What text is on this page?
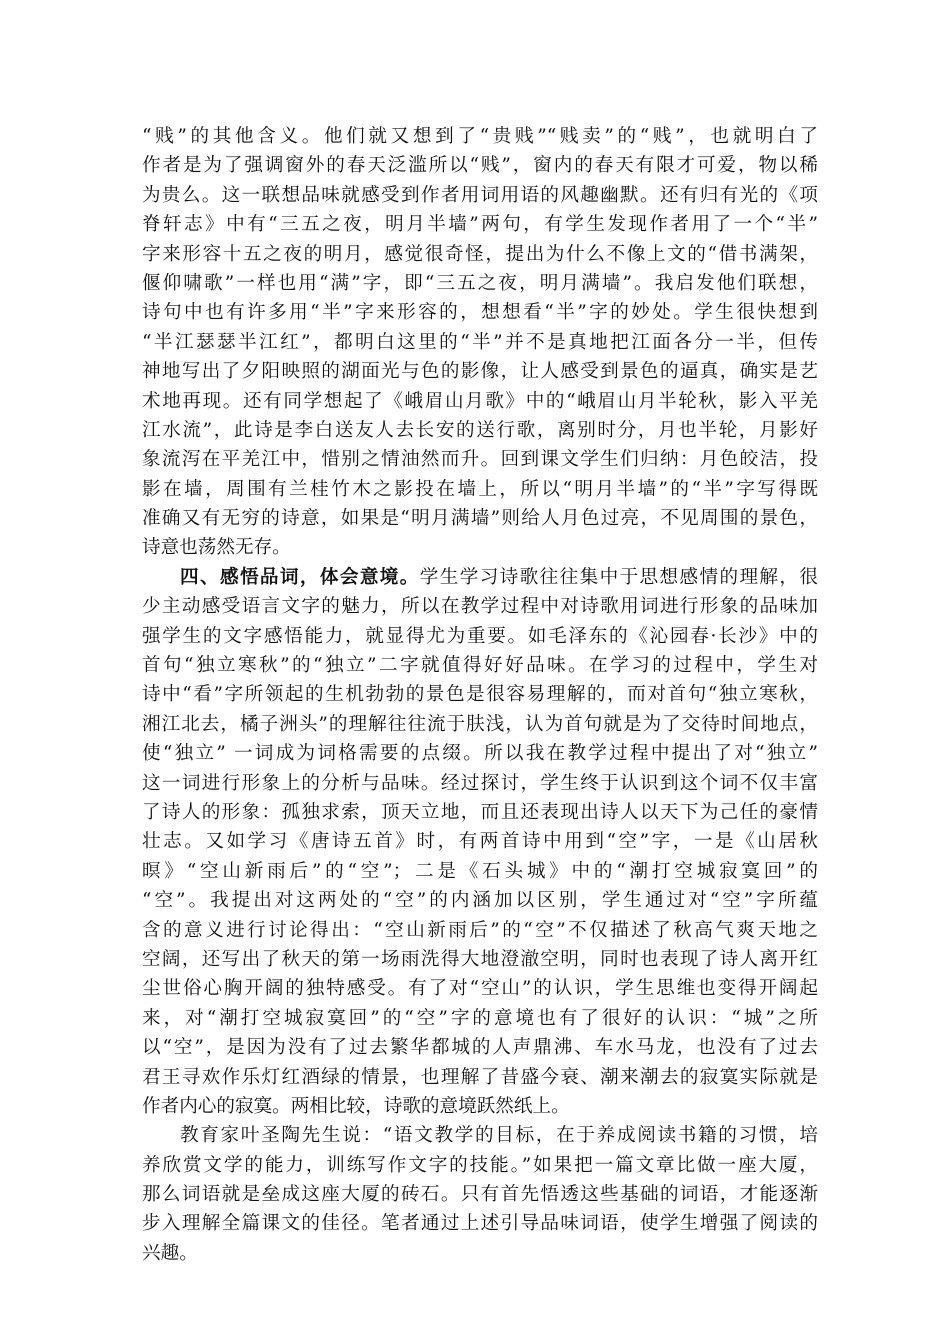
“贱”的其他含义。他们就又想到了“贵贱”“贱卖”的“贱”，也就明白了
作者是为了强调窗外的春天泛滥所以“贱”，窗内的春天有限才可爱，物以稀
为贵么。这一联想品味就感受到作者用词用语的风趣幽默。还有归有光的《项
脊轩志》中有“三五之夜，明月半墙”两句，有学生发现作者用了一个“半”
字来形容十五之夜的明月，感觉很奇怪，提出为什么不像上文的“借书满架，
偃仰啸歌”一样也用“满”字，即“三五之夜，明月满墙”。我启发他们联想，
诗句中也有许多用“半”字来形容的，想想看“半”字的妙处。学生很快想到
“半江瑟瑟半江红”，都明白这里的“半”并不是真地把江面各分一半，但传
神地写出了夕阳映照的湖面光与色的影像，让人感受到景色的逼真，确实是艺
术地再现。还有同学想起了《峨眉山月歌》中的“峨眉山月半轮秋，影入平羌
江水流”，此诗是李白送友人去长安的送行歌，离别时分，月也半轮，月影好
象流泻在平羌江中，惜别之情油然而升。回到课文学生们归纳：月色皎洁，投
影在墙，周围有兰桂竹木之影投在墙上，所以“明月半墙”的“半”字写得既
准确又有无穷的诗意，如果是“明月满墙”则给人月色过亮，不见周围的景色，
诗意也荡然无存。
四、感悟品词，体会意境。学生学习诗歌往往集中于思想感情的理解，很
少主动感受语言文字的魅力，所以在教学过程中对诗歌用词进行形象的品味加
强学生的文字感悟能力，就显得尤为重要。如毛泽东的《沁园春·长沙》中的
首句“独立寒秋”的“独立”二字就值得好好品味。在学习的过程中，学生对
诗中“看”字所领起的生机勃勃的景色是很容易理解的，而对首句“独立寒秋，
湘江北去，橘子洲头”的理解往往流于肤浅，认为首句就是为了交待时间地点，
使“独立” 一词成为词格需要的点缀。所以我在教学过程中提出了对“独立”
这一词进行形象上的分析与品味。经过探讨，学生终于认识到这个词不仅丰富
了诗人的形象：孤独求索，顶天立地，而且还表现出诗人以天下为己任的豪情
壮志。又如学习《唐诗五首》时，有两首诗中用到“空”字，一是《山居秋
暝》“空山新雨后”的“空”；二是《石头城》中的“潮打空城寂寞回”的
“空”。我提出对这两处的“空”的内涵加以区别，学生通过对“空”字所蕴
含的意义进行讨论得出：“空山新雨后”的“空”不仅描述了秋高气爽天地之
空阔，还写出了秋天的第一场雨洗得大地澄澈空明，同时也表现了诗人离开红
尘世俗心胸开阔的独特感受。有了对“空山”的认识，学生思维也变得开阔起
来，对“潮打空城寂寞回”的“空”字的意境也有了很好的认识：“城”之所
以“空”，是因为没有了过去繁华都城的人声鼎沸、车水马龙，也没有了过去
君王寻欢作乐灯红酒绿的情景，也理解了昔盛今衰、潮来潮去的寂寞实际就是
作者内心的寂寞。两相比较，诗歌的意境跃然纸上。
教育家叶圣陶先生说：“语文教学的目标，在于养成阅读书籍的习惯，培
养欣赏文学的能力，训练写作文字的技能。”如果把一篇文章比做一座大厦，
那么词语就是垒成这座大厦的砖石。只有首先悟透这些基础的词语，才能逐渐
步入理解全篇课文的佳径。笔者通过上述引导品味词语，使学生增强了阅读的
兴趣。
